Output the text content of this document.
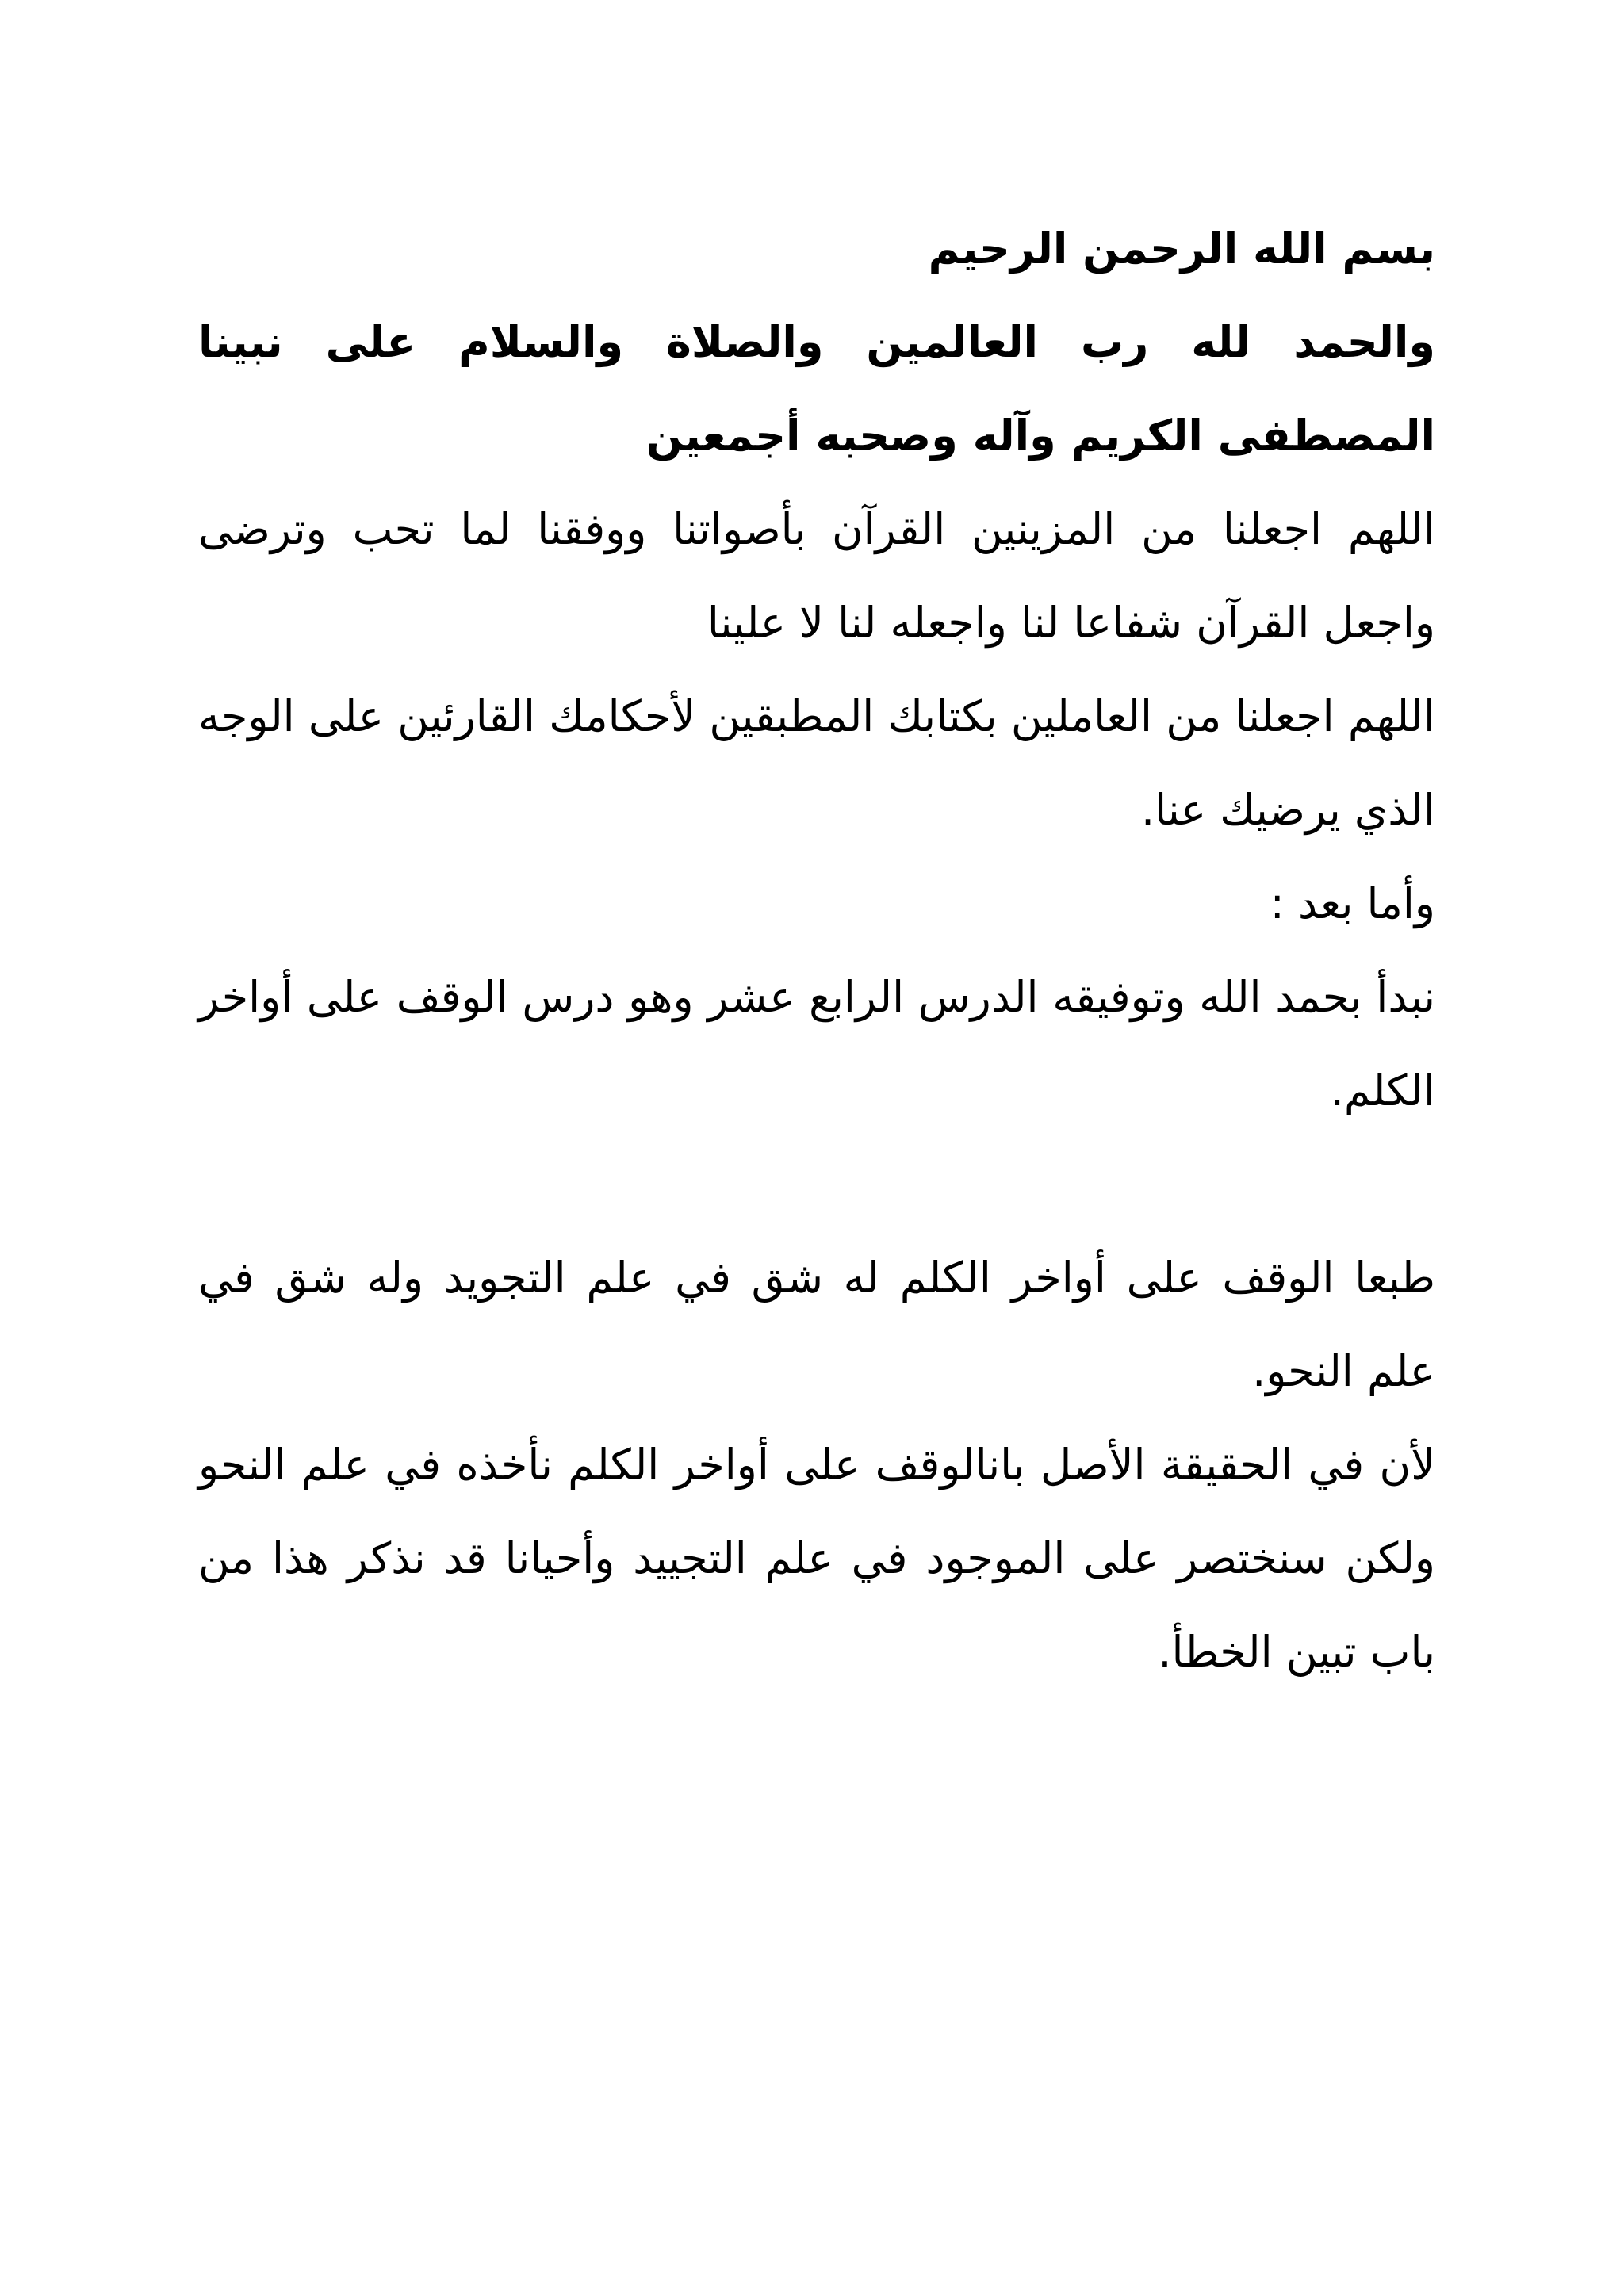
بسم الله الرحمن الرحيم

والحمد لله رب العالمين والصلاة والسلام على نبينا المصطفى الكريم وآله وصحبه أجمعين

اللهم اجعلنا من المزينين القرآن بأصواتنا ووفقنا لما تحب وترضى واجعل القرآن شفاعا لنا واجعله لنا لا علينا

اللهم اجعلنا من العاملين بكتابك المطبقين لأحكامك القارئين على الوجه الذي يرضيك عنا.

وأما بعد :

نبدأ بحمد الله وتوفيقه الدرس الرابع عشر وهو درس الوقف على أواخر الكلم.

طبعا الوقف على أواخر الكلم له شق في علم التجويد وله شق في علم النحو.

لأن في الحقيقة الأصل بانالوقف على أواخر الكلم نأخذه في علم النحو ولكن سنختصر على الموجود في علم التجييد وأحيانا قد نذكر هذا من باب تبين الخطأ.
